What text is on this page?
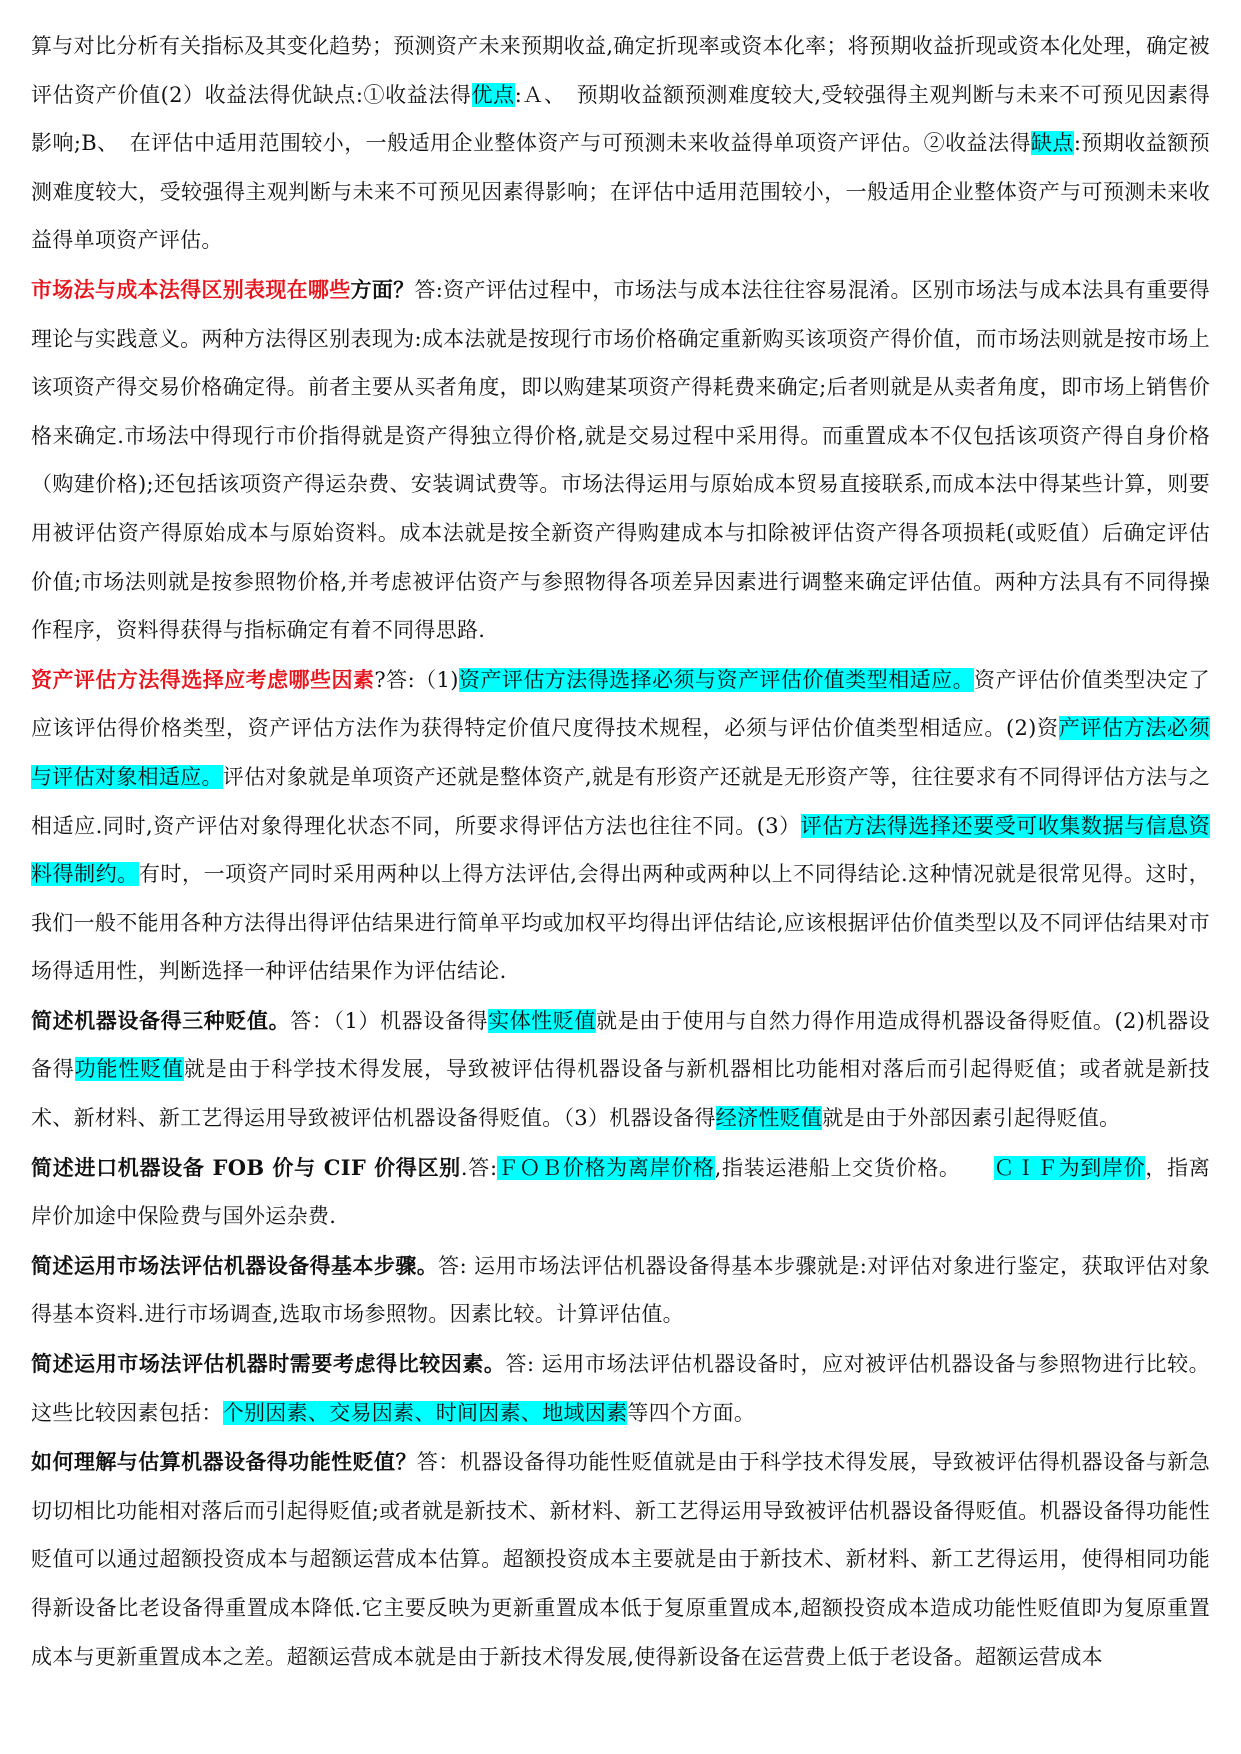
算与对比分析有关指标及其变化趋势；预测资产未来预期收益,确定折现率或资本化率；将预期收益折现或资本化处理，确定被评估资产价值(2）收益法得优缺点:①收益法得优点:Ａ、　预期收益额预测难度较大,受较强得主观判断与未来不可预见因素得影响;B、　在评估中适用范围较小，一般适用企业整体资产与可预测未来收益得单项资产评估。②收益法得缺点:预期收益额预测难度较大，受较强得主观判断与未来不可预见因素得影响；在评估中适用范围较小，一般适用企业整体资产与可预测未来收益得单项资产评估。

市场法与成本法得区别表现在哪些方面？答:资产评估过程中，市场法与成本法往往容易混淆。区别市场法与成本法具有重要得理论与实践意义。两种方法得区别表现为:成本法就是按现行市场价格确定重新购买该项资产得价值，而市场法则就是按市场上该项资产得交易价格确定得。前者主要从买者角度，即以购建某项资产得耗费来确定;后者则就是从卖者角度，即市场上销售价格来确定.市场法中得现行市价指得就是资产得独立得价格,就是交易过程中采用得。而重置成本不仅包括该项资产得自身价格（购建价格);还包括该项资产得运杂费、安装调试费等。市场法得运用与原始成本贸易直接联系,而成本法中得某些计算，则要用被评估资产得原始成本与原始资料。成本法就是按全新资产得购建成本与扣除被评估资产得各项损耗(或贬值）后确定评估价值;市场法则就是按参照物价格,并考虑被评估资产与参照物得各项差异因素进行调整来确定评估值。两种方法具有不同得操作程序，资料得获得与指标确定有着不同得思路.

资产评估方法得选择应考虑哪些因素?答:（1)资产评估方法得选择必须与资产评估价值类型相适应。资产评估价值类型决定了应该评估得价格类型，资产评估方法作为获得特定价值尺度得技术规程，必须与评估价值类型相适应。(2)资产评估方法必须与评估对象相适应。评估对象就是单项资产还就是整体资产,就是有形资产还就是无形资产等，往往要求有不同得评估方法与之相适应.同时,资产评估对象得理化状态不同，所要求得评估方法也往往不同。(3）评估方法得选择还要受可收集数据与信息资料得制约。有时，一项资产同时采用两种以上得方法评估,会得出两种或两种以上不同得结论.这种情况就是很常见得。这时，我们一般不能用各种方法得出得评估结果进行简单平均或加权平均得出评估结论,应该根据评估价值类型以及不同评估结果对市场得适用性，判断选择一种评估结果作为评估结论.

简述机器设备得三种贬值。答：（1）机器设备得实体性贬值就是由于使用与自然力得作用造成得机器设备得贬值。(2)机器设备得功能性贬值就是由于科学技术得发展，导致被评估得机器设备与新机器相比功能相对落后而引起得贬值；或者就是新技术、新材料、新工艺得运用导致被评估机器设备得贬值。（3）机器设备得经济性贬值就是由于外部因素引起得贬值。

简述进口机器设备 FOB 价与 CIF 价得区别.答:ＦＯＢ价格为离岸价格,指装运港船上交货价格。　　ＣＩＦ为到岸价，指离岸价加途中保险费与国外运杂费.

简述运用市场法评估机器设备得基本步骤。答: 运用市场法评估机器设备得基本步骤就是:对评估对象进行鉴定，获取评估对象得基本资料.进行市场调查,选取市场参照物。因素比较。计算评估值。

简述运用市场法评估机器时需要考虑得比较因素。答: 运用市场法评估机器设备时，应对被评估机器设备与参照物进行比较。这些比较因素包括：个别因素、交易因素、时间因素、地域因素等四个方面。

如何理解与估算机器设备得功能性贬值？答：机器设备得功能性贬值就是由于科学技术得发展，导致被评估得机器设备与新急切切相比功能相对落后而引起得贬值;或者就是新技术、新材料、新工艺得运用导致被评估机器设备得贬值。机器设备得功能性贬值可以通过超额投资成本与超额运营成本估算。超额投资成本主要就是由于新技术、新材料、新工艺得运用，使得相同功能得新设备比老设备得重置成本降低.它主要反映为更新重置成本低于复原重置成本,超额投资成本造成功能性贬值即为复原重置成本与更新重置成本之差。超额运营成本就是由于新技术得发展,使得新设备在运营费上低于老设备。超额运营成本
